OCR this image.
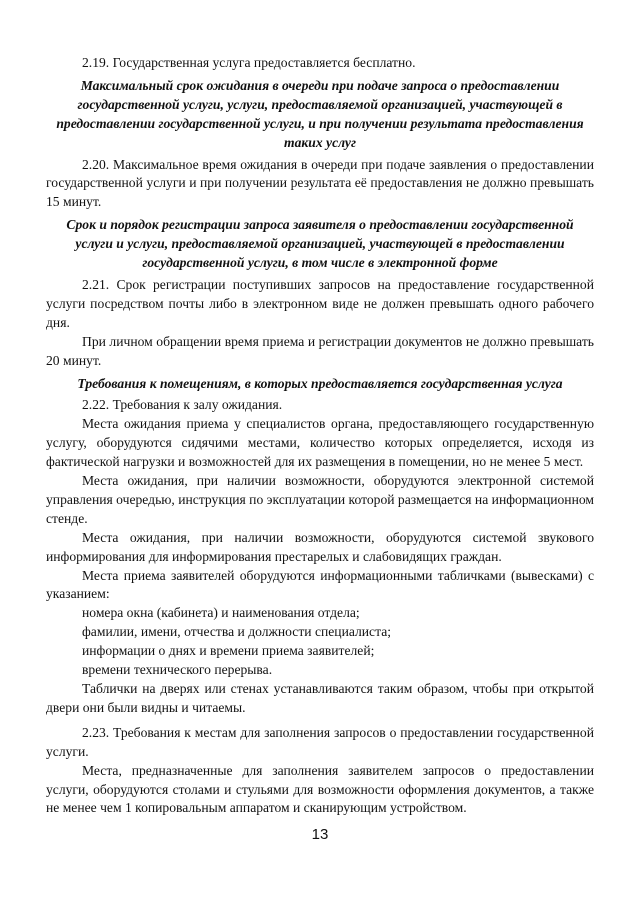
2.19. Государственная услуга предоставляется бесплатно.

Максимальный срок ожидания в очереди при подаче запроса о предоставлении государственной услуги, услуги, предоставляемой организацией, участвующей в предоставлении государственной услуги, и при получении результата предоставления таких услуг

2.20. Максимальное время ожидания в очереди при подаче заявления о предоставлении государственной услуги и при получении результата её предоставления не должно превышать 15 минут.

Срок и порядок регистрации запроса заявителя о предоставлении государственной услуги и услуги, предоставляемой организацией, участвующей в предоставлении государственной услуги, в том числе в электронной форме

2.21. Срок регистрации поступивших запросов на предоставление государственной услуги посредством почты либо в электронном виде не должен превышать одного рабочего дня.

При личном обращении время приема и регистрации документов не должно превышать 20 минут.

Требования к помещениям, в которых предоставляется государственная услуга

2.22. Требования к залу ожидания.

Места ожидания приема у специалистов органа, предоставляющего государственную услугу, оборудуются сидячими местами, количество которых определяется, исходя из фактической нагрузки и возможностей для их размещения в помещении, но не менее 5 мест.

Места ожидания, при наличии возможности, оборудуются электронной системой управления очередью, инструкция по эксплуатации которой размещается на информационном стенде.

Места ожидания, при наличии возможности, оборудуются системой звукового информирования для информирования престарелых и слабовидящих граждан.

Места приема заявителей оборудуются информационными табличками (вывесками) с указанием:

номера окна (кабинета) и наименования отдела;

фамилии, имени, отчества и должности специалиста;

информации о днях и времени приема заявителей;

времени технического перерыва.

Таблички на дверях или стенах устанавливаются таким образом, чтобы при открытой двери они были видны и читаемы.

2.23. Требования к местам для заполнения запросов о предоставлении государственной услуги.

Места, предназначенные для заполнения заявителем запросов о предоставлении услуги, оборудуются столами и стульями для возможности оформления документов, а также не менее чем 1 копировальным аппаратом и сканирующим устройством.

13
